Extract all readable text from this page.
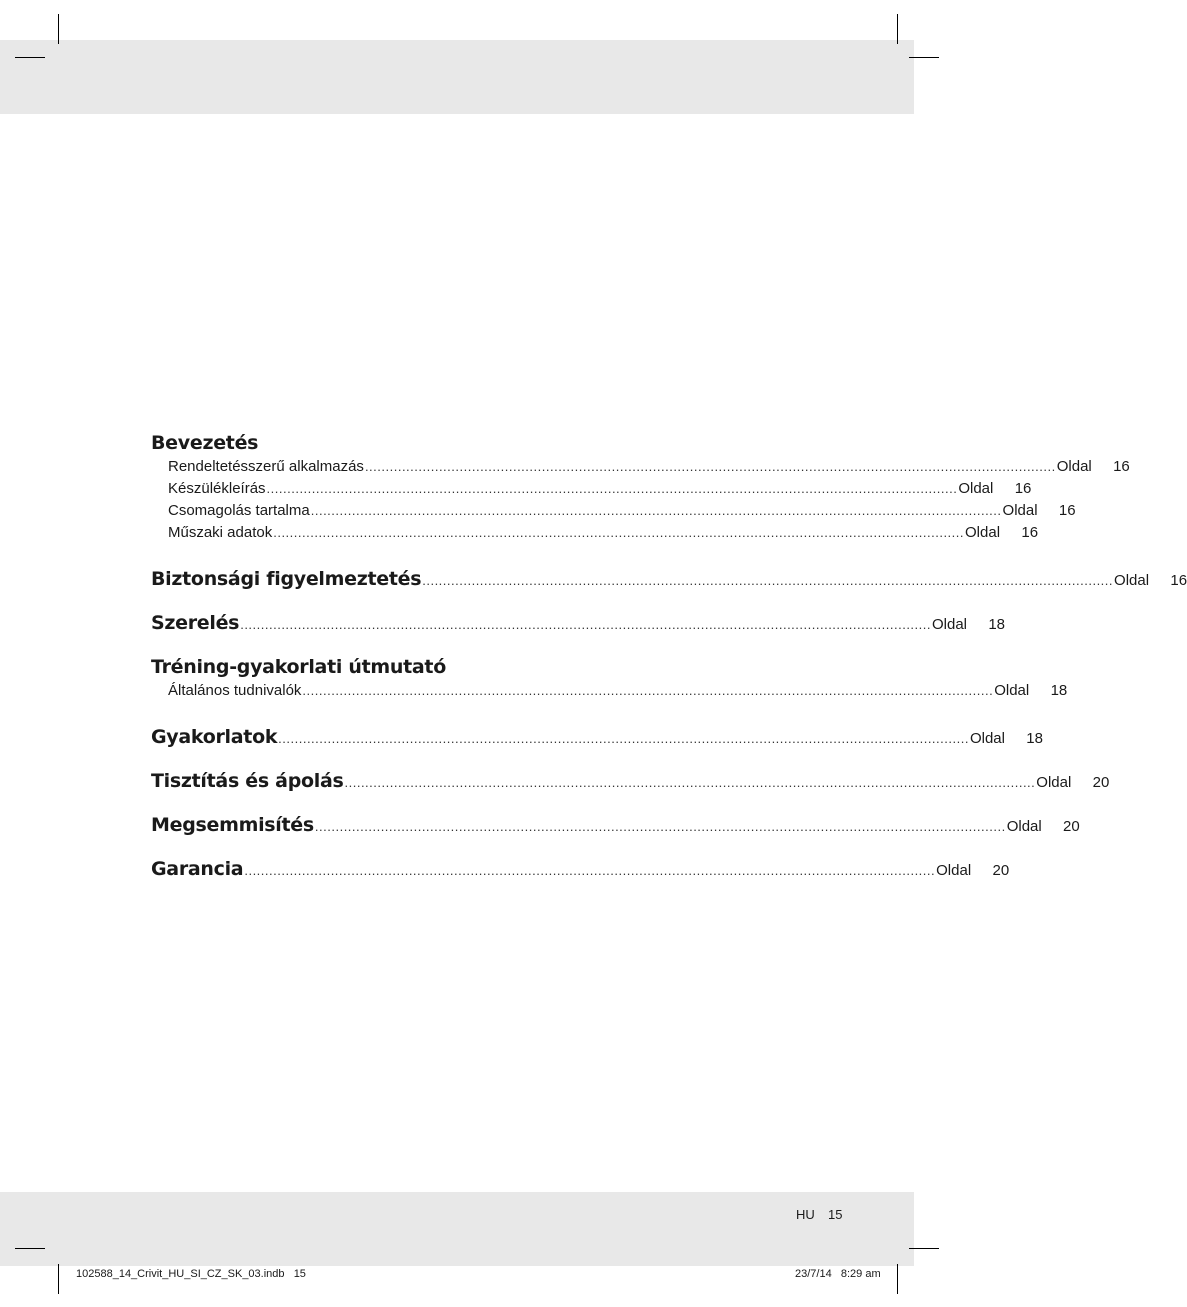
Bevezetés
Rendeltetésszerű alkalmazás ........................................................................................................................................................................ Oldal	16
Készülékleírás ........................................................................................................................................................................ Oldal	16
Csomagolás tartalma ........................................................................................................................................................................ Oldal	16
Műszaki adatok ........................................................................................................................................................................ Oldal	16
Biztonsági figyelmeztetés ........................................................................................................................................................................ Oldal	16
Szerelés ........................................................................................................................................................................ Oldal	18
Tréning-gyakorlati útmutató
Általános tudnivalók ........................................................................................................................................................................ Oldal	18
Gyakorlatok ........................................................................................................................................................................ Oldal	18
Tisztítás és ápolás ........................................................................................................................................................................ Oldal	20
Megsemmisítés ........................................................................................................................................................................ Oldal	20
Garancia ........................................................................................................................................................................ Oldal	20
HU 15
102588_14_Crivit_HU_SI_CZ_SK_03.indb   15	23/7/14   8:29 am
